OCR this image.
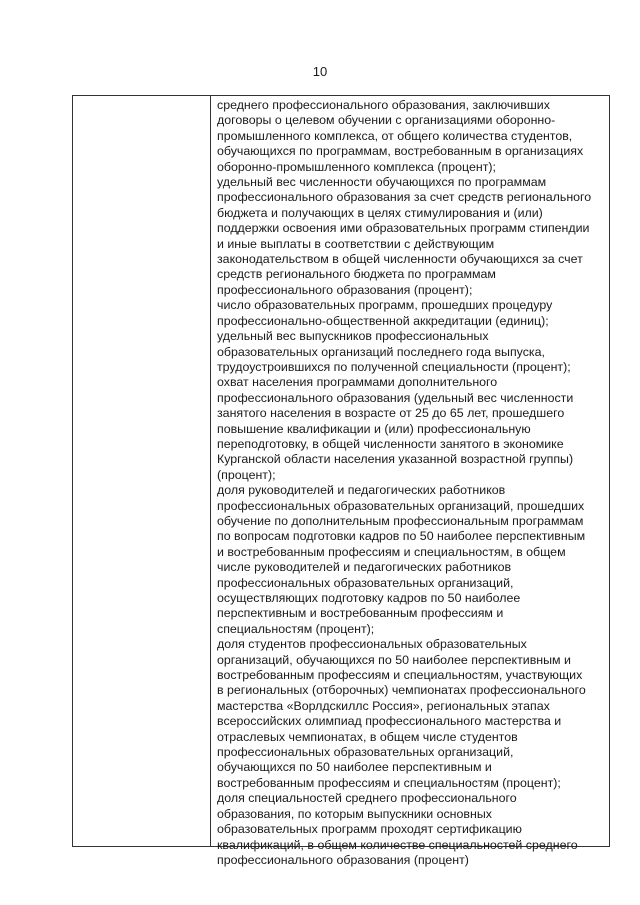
10
среднего профессионального образования, заключивших
договоры о целевом обучении с организациями оборонно-
промышленного комплекса, от общего количества студентов,
обучающихся по программам, востребованным в организациях
оборонно-промышленного комплекса (процент);
удельный вес численности обучающихся по программам
профессионального образования за счет средств регионального
бюджета и получающих в целях стимулирования и (или)
поддержки освоения ими образовательных программ стипендии
и иные выплаты в соответствии с действующим
законодательством в общей численности обучающихся за счет
средств регионального бюджета по программам
профессионального образования (процент);
число образовательных программ, прошедших процедуру
профессионально-общественной аккредитации (единиц);
удельный вес выпускников профессиональных
образовательных организаций последнего года выпуска,
трудоустроившихся по полученной специальности (процент);
охват населения программами дополнительного
профессионального образования (удельный вес численности
занятого населения в возрасте от 25 до 65 лет, прошедшего
повышение квалификации и (или) профессиональную
переподготовку, в общей численности занятого в экономике
Курганской области населения указанной возрастной группы)
(процент);
доля руководителей и педагогических работников
профессиональных образовательных организаций, прошедших
обучение по дополнительным профессиональным программам
по вопросам подготовки кадров по 50 наиболее перспективным
и востребованным профессиям и специальностям, в общем
числе руководителей и педагогических работников
профессиональных образовательных организаций,
осуществляющих подготовку кадров по 50 наиболее
перспективным и востребованным профессиям и
специальностям (процент);
доля студентов профессиональных образовательных
организаций, обучающихся по 50 наиболее перспективным и
востребованным профессиям и специальностям, участвующих
в региональных (отборочных) чемпионатах профессионального
мастерства «Ворлдскиллс Россия», региональных этапах
всероссийских олимпиад профессионального мастерства и
отраслевых чемпионатах, в общем числе студентов
профессиональных образовательных организаций,
обучающихся по 50 наиболее перспективным и
востребованным профессиям и специальностям (процент);
доля специальностей среднего профессионального
образования, по которым выпускники основных
образовательных программ проходят сертификацию
квалификаций, в общем количестве специальностей среднего
профессионального образования (процент)
